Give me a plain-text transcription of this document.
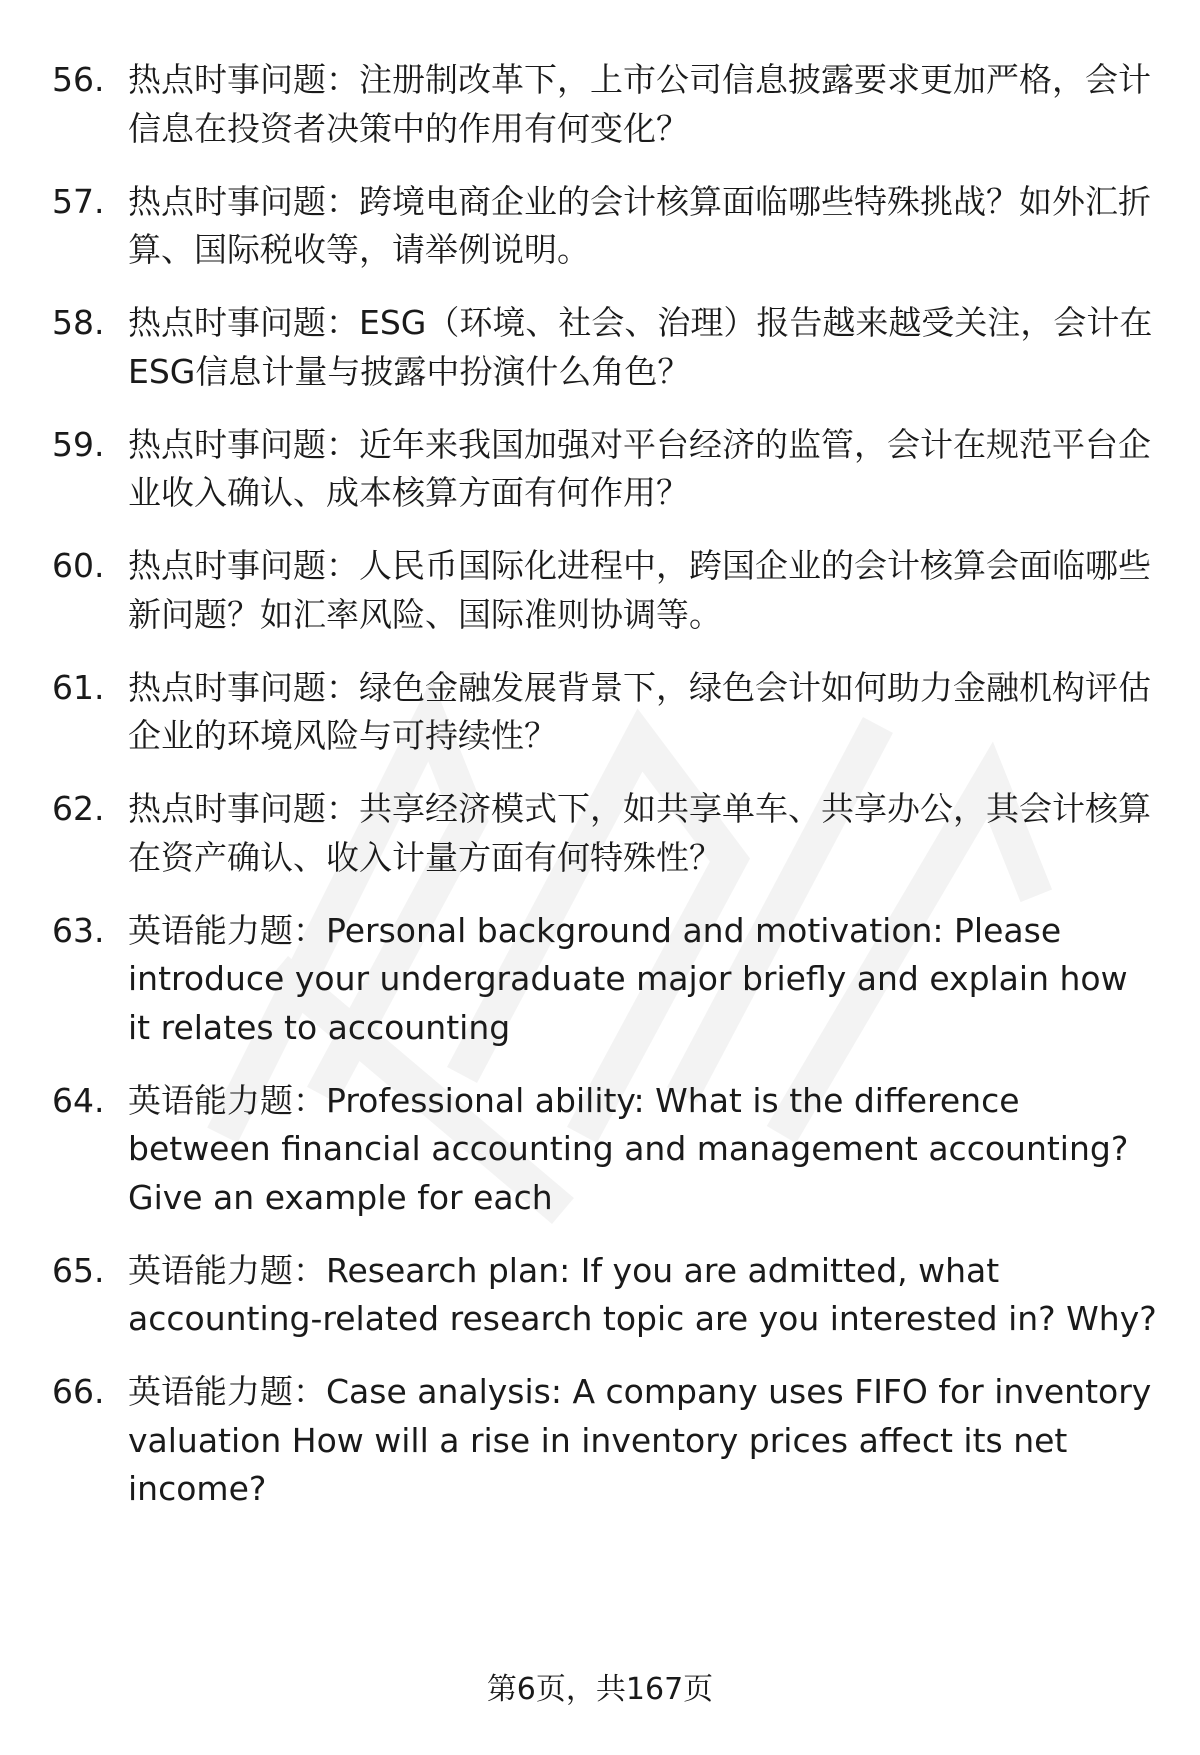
56. 热点时事问题：注册制改革下，上市公司信息披露要求更加严格，会计信息在投资者决策中的作用有何变化？
57. 热点时事问题：跨境电商企业的会计核算面临哪些特殊挑战？如外汇折算、国际税收等，请举例说明。
58. 热点时事问题：ESG（环境、社会、治理）报告越来越受关注，会计在ESG信息计量与披露中扮演什么角色？
59. 热点时事问题：近年来我国加强对平台经济的监管，会计在规范平台企业收入确认、成本核算方面有何作用？
60. 热点时事问题：人民币国际化进程中，跨国企业的会计核算会面临哪些新问题？如汇率风险、国际准则协调等。
61. 热点时事问题：绿色金融发展背景下，绿色会计如何助力金融机构评估企业的环境风险与可持续性？
62. 热点时事问题：共享经济模式下，如共享单车、共享办公，其会计核算在资产确认、收入计量方面有何特殊性？
63. 英语能力题：Personal background and motivation: Please introduce your undergraduate major briefly and explain how it relates to accounting
64. 英语能力题：Professional ability: What is the difference between financial accounting and management accounting? Give an example for each
65. 英语能力题：Research plan: If you are admitted, what accounting-related research topic are you interested in? Why?
66. 英语能力题：Case analysis: A company uses FIFO for inventory valuation How will a rise in inventory prices affect its net income?
第6页，共167页
